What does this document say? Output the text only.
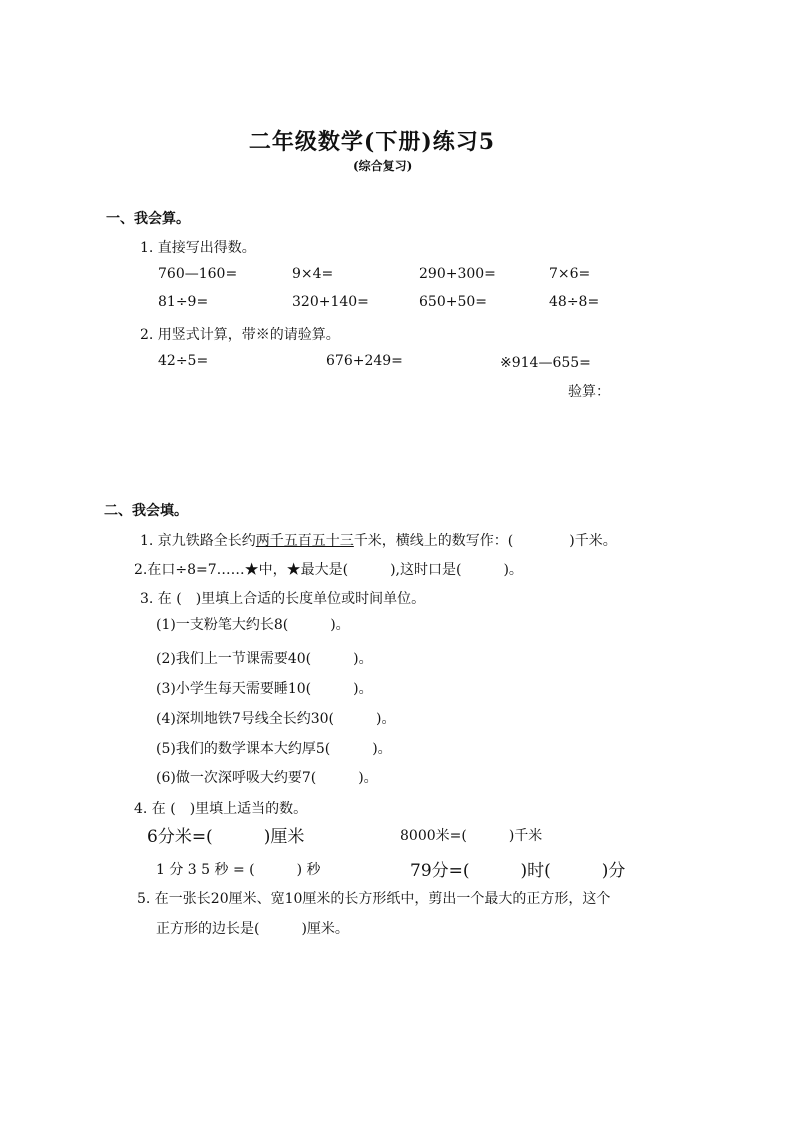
二年级数学(下册)练习5
(综合复习)
一、我会算。
1. 直接写出得数。
760—160=	9×4=	290+300=	7×6=
81÷9=	320+140=	650+50=	48÷8=
2. 用竖式计算，带※的请验算。
42÷5=	676+249=	※914—655=
验算：
二、我会填。
1. 京九铁路全长约两千五百五十三千米，横线上的数写作：(　　　　)千米。
2.在口÷8=7……★中，★最大是(　　　),这时口是(　　　)。
3. 在 (　)里填上合适的长度单位或时间单位。
(1)一支粉笔大约长8(　　　)。
(2)我们上一节课需要40(　　　)。
(3)小学生每天需要睡10(　　　)。
(4)深圳地铁7号线全长约30(　　　)。
(5)我们的数学课本大约厚5(　　　)。
(6)做一次深呼吸大约要7(　　　)。
4. 在 (　)里填上适当的数。
6分米=(　　　)厘米	8000米=(　　　)千米
1 分 3 5 秒 = (　　　) 秒	79分=(　　　)时(　　　)分
5. 在一张长20厘米、宽10厘米的长方形纸中，剪出一个最大的正方形，这个
正方形的边长是(　　　)厘米。
